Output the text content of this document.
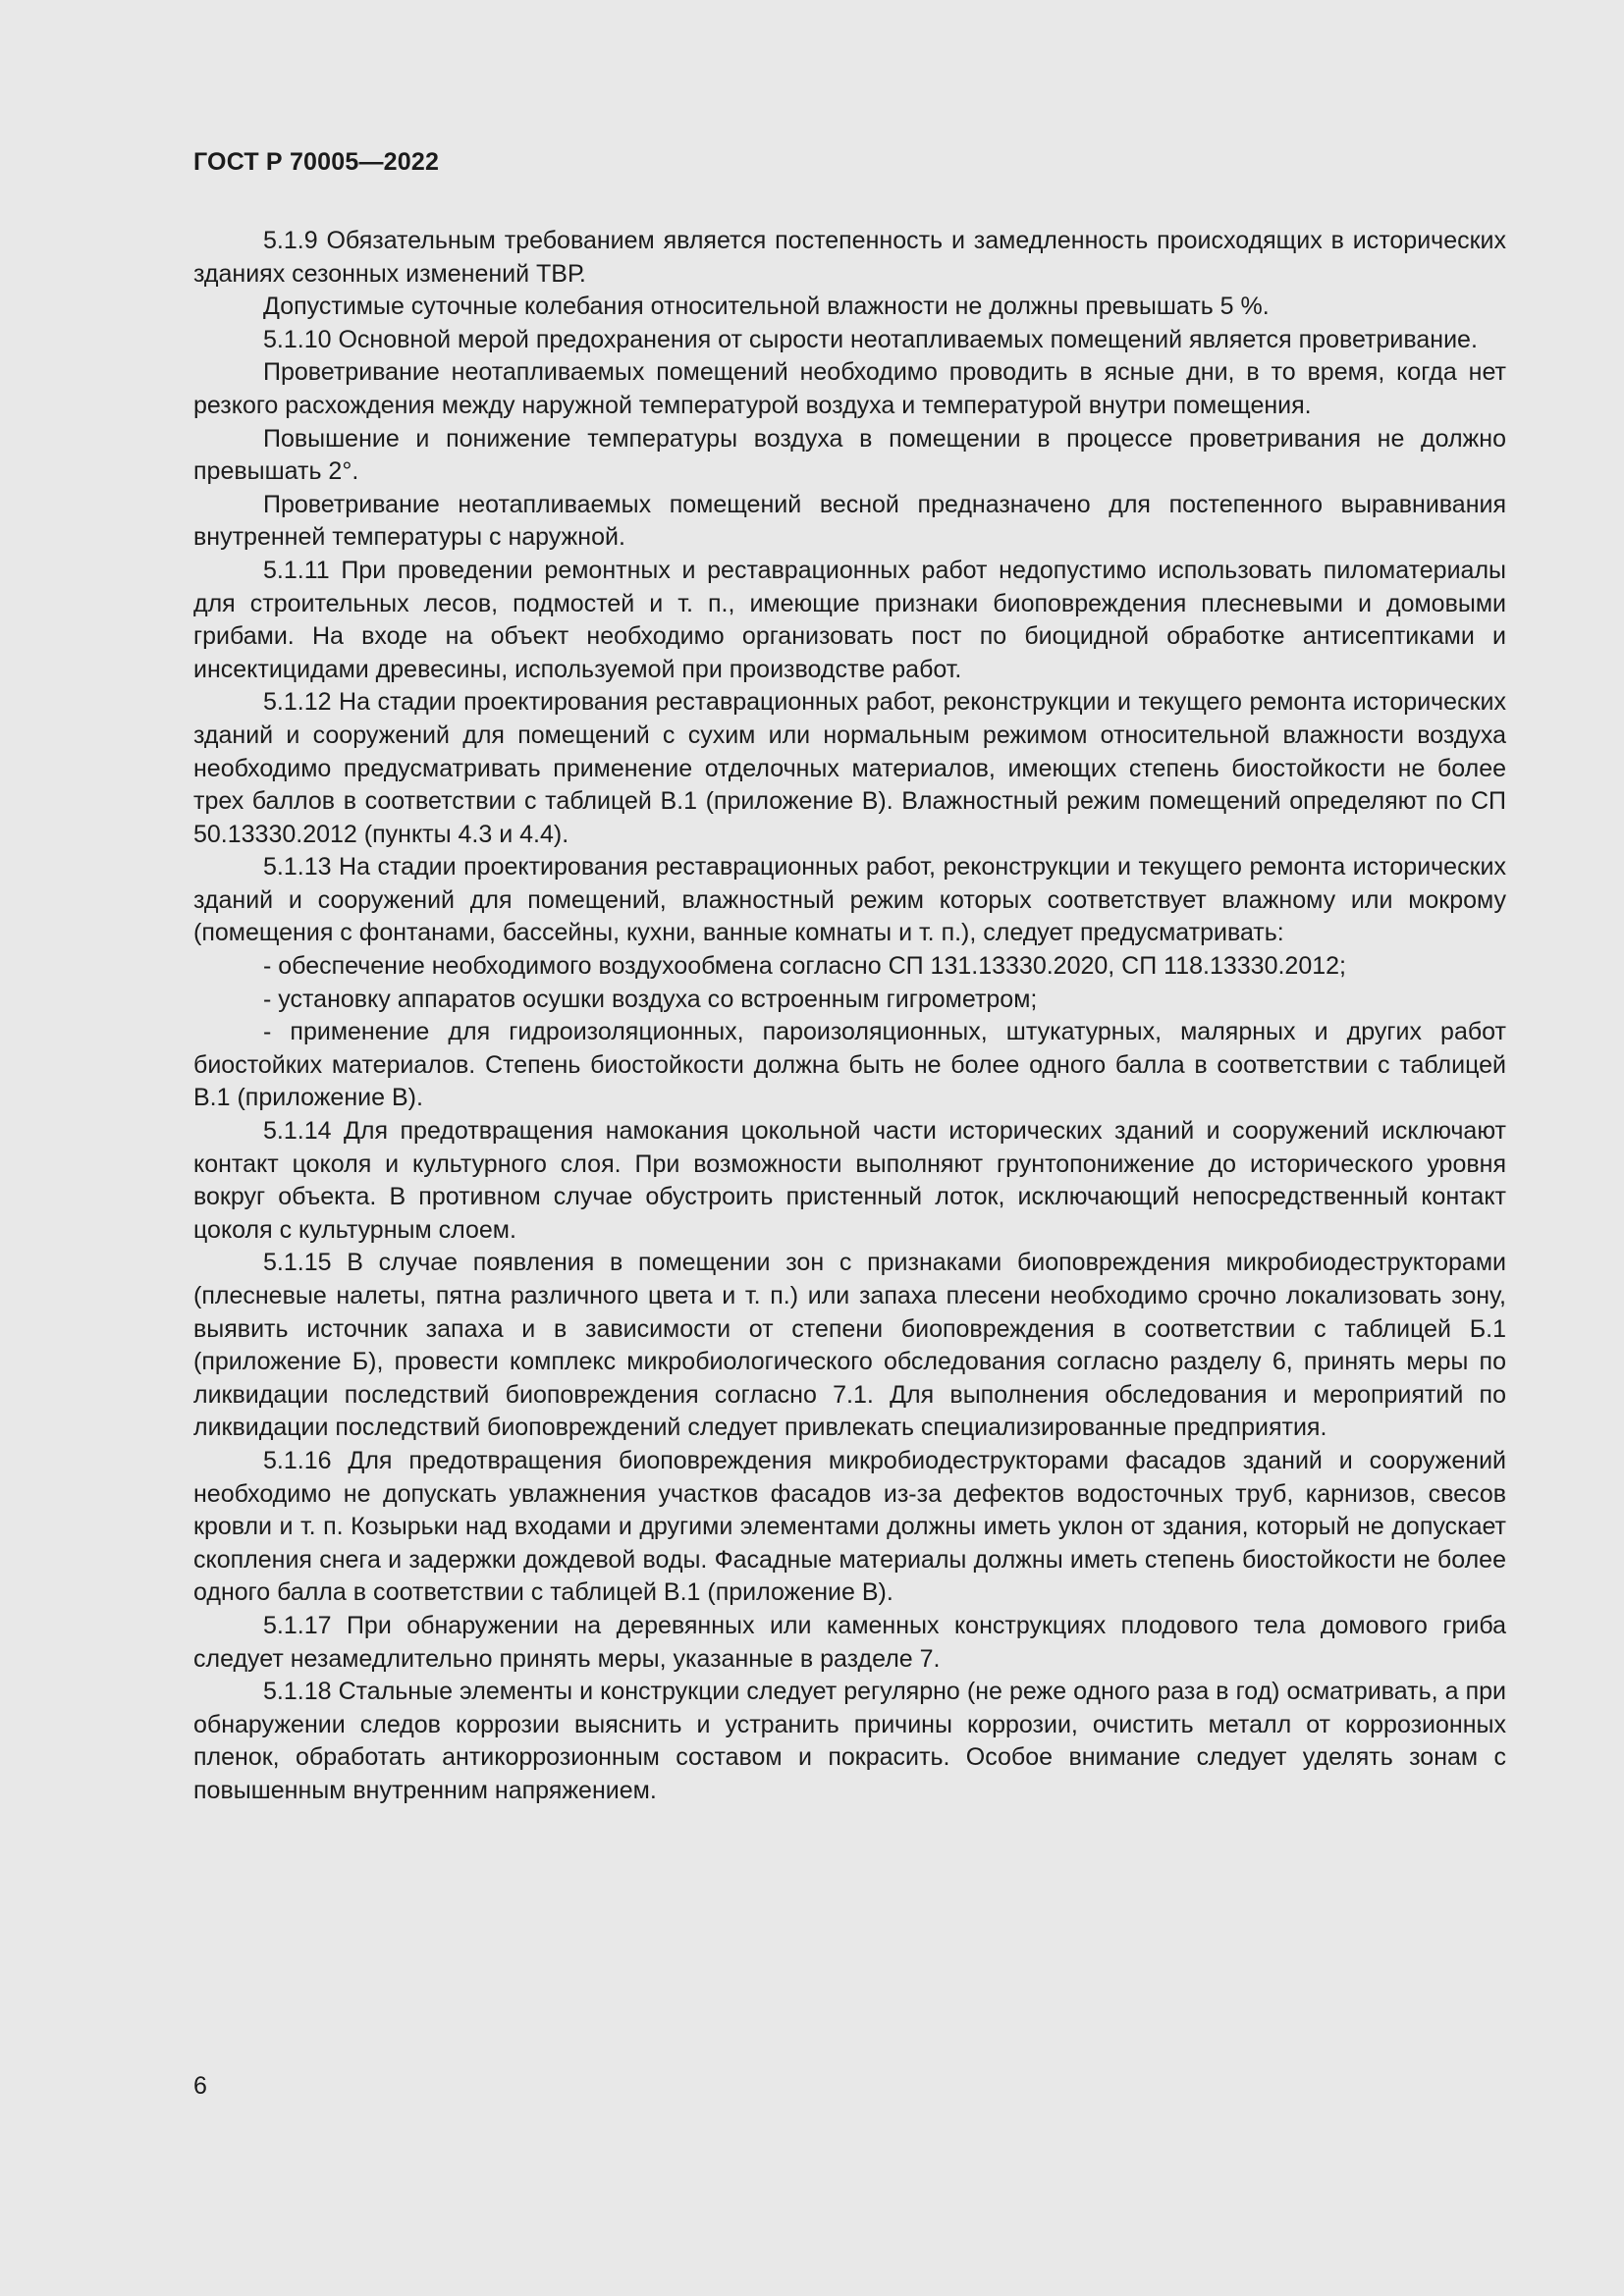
ГОСТ Р 70005—2022

5.1.9 Обязательным требованием является постепенность и замедленность происходящих в исторических зданиях сезонных изменений ТВР.

Допустимые суточные колебания относительной влажности не должны превышать 5 %.

5.1.10 Основной мерой предохранения от сырости неотапливаемых помещений является проветривание.

Проветривание неотапливаемых помещений необходимо проводить в ясные дни, в то время, когда нет резкого расхождения между наружной температурой воздуха и температурой внутри помещения.

Повышение и понижение температуры воздуха в помещении в процессе проветривания не должно превышать 2°.

Проветривание неотапливаемых помещений весной предназначено для постепенного выравнивания внутренней температуры с наружной.

5.1.11 При проведении ремонтных и реставрационных работ недопустимо использовать пиломатериалы для строительных лесов, подмостей и т. п., имеющие признаки биоповреждения плесневыми и домовыми грибами. На входе на объект необходимо организовать пост по биоцидной обработке антисептиками и инсектицидами древесины, используемой при производстве работ.

5.1.12 На стадии проектирования реставрационных работ, реконструкции и текущего ремонта исторических зданий и сооружений для помещений с сухим или нормальным режимом относительной влажности воздуха необходимо предусматривать применение отделочных материалов, имеющих степень биостойкости не более трех баллов в соответствии с таблицей В.1 (приложение В). Влажностный режим помещений определяют по СП 50.13330.2012 (пункты 4.3 и 4.4).

5.1.13 На стадии проектирования реставрационных работ, реконструкции и текущего ремонта исторических зданий и сооружений для помещений, влажностный режим которых соответствует влажному или мокрому (помещения с фонтанами, бассейны, кухни, ванные комнаты и т. п.), следует предусматривать:

- обеспечение необходимого воздухообмена согласно СП 131.13330.2020, СП 118.13330.2012;

- установку аппаратов осушки воздуха со встроенным гигрометром;

- применение для гидроизоляционных, пароизоляционных, штукатурных, малярных и других работ биостойких материалов. Степень биостойкости должна быть не более одного балла в соответствии с таблицей В.1 (приложение В).

5.1.14 Для предотвращения намокания цокольной части исторических зданий и сооружений исключают контакт цоколя и культурного слоя. При возможности выполняют грунтопонижение до исторического уровня вокруг объекта. В противном случае обустроить пристенный лоток, исключающий непосредственный контакт цоколя с культурным слоем.

5.1.15 В случае появления в помещении зон с признаками биоповреждения микробиодеструкторами (плесневые налеты, пятна различного цвета и т. п.) или запаха плесени необходимо срочно локализовать зону, выявить источник запаха и в зависимости от степени биоповреждения в соответствии с таблицей Б.1 (приложение Б), провести комплекс микробиологического обследования согласно разделу 6, принять меры по ликвидации последствий биоповреждения согласно 7.1. Для выполнения обследования и мероприятий по ликвидации последствий биоповреждений следует привлекать специализированные предприятия.

5.1.16 Для предотвращения биоповреждения микробиодеструкторами фасадов зданий и сооружений необходимо не допускать увлажнения участков фасадов из-за дефектов водосточных труб, карнизов, свесов кровли и т. п. Козырьки над входами и другими элементами должны иметь уклон от здания, который не допускает скопления снега и задержки дождевой воды. Фасадные материалы должны иметь степень биостойкости не более одного балла в соответствии с таблицей В.1 (приложение В).

5.1.17 При обнаружении на деревянных или каменных конструкциях плодового тела домового гриба следует незамедлительно принять меры, указанные в разделе 7.

5.1.18 Стальные элементы и конструкции следует регулярно (не реже одного раза в год) осматривать, а при обнаружении следов коррозии выяснить и устранить причины коррозии, очистить металл от коррозионных пленок, обработать антикоррозионным составом и покрасить. Особое внимание следует уделять зонам с повышенным внутренним напряжением.

6
